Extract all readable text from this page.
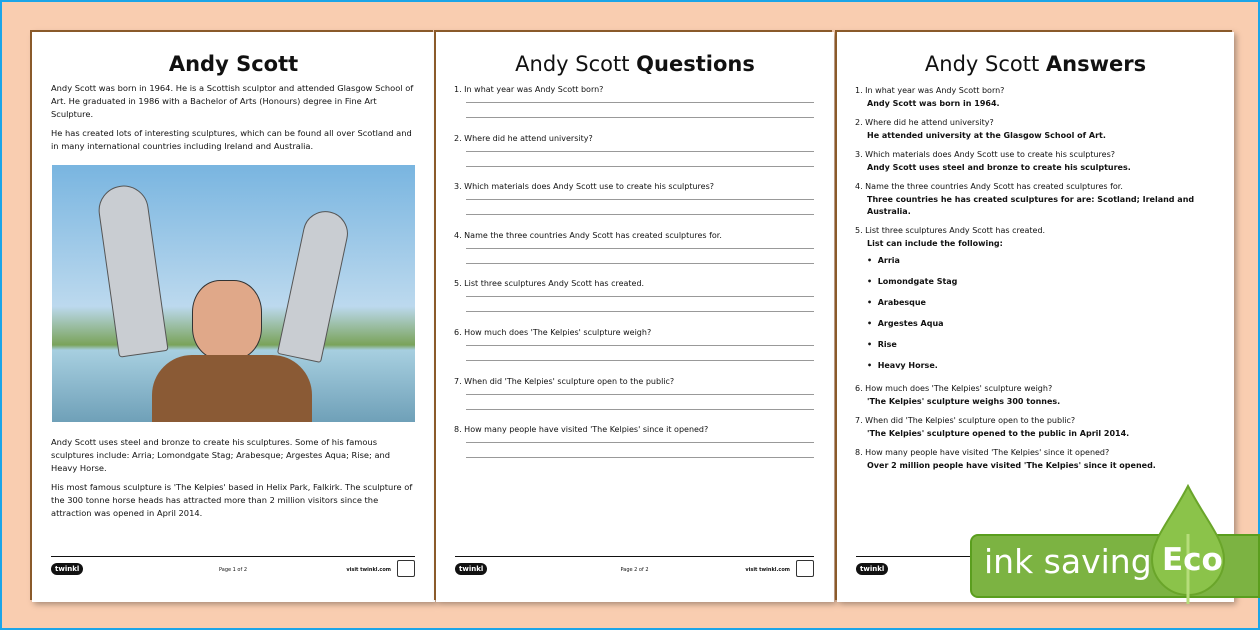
Andy Scott

Andy Scott was born in 1964. He is a Scottish sculptor and attended Glasgow School of Art. He graduated in 1986 with a Bachelor of Arts (Honours) degree in Fine Art Sculpture.

He has created lots of interesting sculptures, which can be found all over Scotland and in many international countries including Ireland and Australia.

Andy Scott uses steel and bronze to create his sculptures. Some of his famous sculptures include: Arria; Lomondgate Stag; Arabesque; Argestes Aqua; Rise; and Heavy Horse.

His most famous sculpture is 'The Kelpies' based in Helix Park, Falkirk. The sculpture of the 300 tonne horse heads has attracted more than 2 million visitors since the attraction was opened in April 2014.

twinkl	Page 1 of 2	visit twinkl.com
Andy Scott Questions
1. In what year was Andy Scott born?
2. Where did he attend university?
3. Which materials does Andy Scott use to create his sculptures?
4. Name the three countries Andy Scott has created sculptures for.
5. List three sculptures Andy Scott has created.
6. How much does 'The Kelpies' sculpture weigh?
7. When did 'The Kelpies' sculpture open to the public?
8. How many people have visited 'The Kelpies' since it opened?
twinkl	Page 2 of 2	visit twinkl.com
Andy Scott Answers
1. In what year was Andy Scott born?
Andy Scott was born in 1964.
2. Where did he attend university?
He attended university at the Glasgow School of Art.
3. Which materials does Andy Scott use to create his sculptures?
Andy Scott uses steel and bronze to create his sculptures.
4. Name the three countries Andy Scott has created sculptures for.
Three countries he has created sculptures for are: Scotland; Ireland and Australia.
5. List three sculptures Andy Scott has created.
List can include the following:
•  Arria
•  Lomondgate Stag
•  Arabesque
•  Argestes Aqua
•  Rise
•  Heavy Horse.
6. How much does 'The Kelpies' sculpture weigh?
'The Kelpies' sculpture weighs 300 tonnes.
7. When did 'The Kelpies' sculpture open to the public?
'The Kelpies' sculpture opened to the public in April 2014.
8. How many people have visited 'The Kelpies' since it opened?
Over 2 million people have visited 'The Kelpies' since it opened.
twinkl	ink saving Eco
